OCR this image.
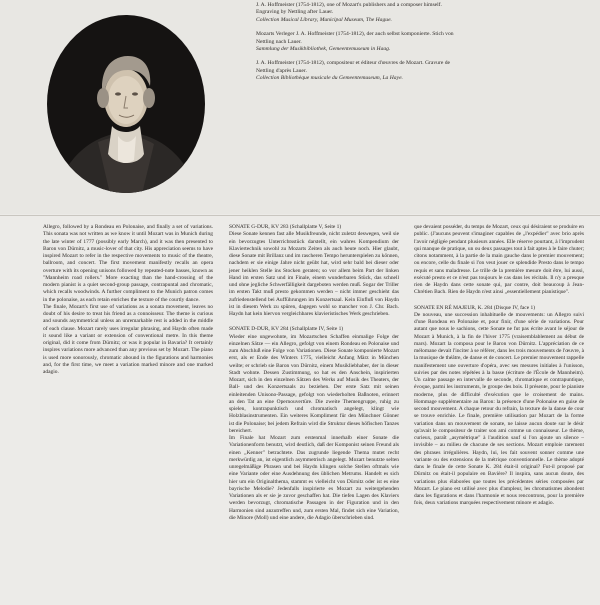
J. A. Hoffmeister (1754-1812), one of Mozart's publishers and a composer himself. Engraving by Nettling after Lauer.
Collection Musical Library, Municipal Museum, The Hague.

Mozarts Verleger J. A. Hoffmeister (1754-1812), der auch selbst komponierte. Stich von Nettling nach Lauer.
Sammlung der Musikbibliothek, Gemeentemuseum in Haag.

J. A. Hoffmeister (1754-1812), compositeur et éditeur d'œuvres de Mozart. Gravure de Nettling d'après Lauer.
Collection Bibliothèque musicale du Gemeentemuseum, La Haye.

Allegro, followed by a Rondeau en Polonaise, and finally a set of variations. This sonata was not written as we know it until Mozart was in Munich during the late winter of 1777 (possibly early March), and it was then presented to Baron von Dürnitz, a music-lover of that city. His appreciation seems to have inspired Mozart to refer in the respective movements to music of the theatre, ballroom, and concert. The first movement manifestly recalls an opera overture with its opening unisons followed by repeated-note basses, known as "Mannheim road rollers." More exacting than the hand-crossing of the modern pianist is a quiet second-group passage, contrapuntal and chromatic, which recalls woodwinds. A further compliment to the Munich patron comes in the polonaise, as each retain enriches the texture of the courtly dance.

The finale, Mozart's first use of variations as a sonata movement, leaves no doubt of his desire to treat his friend as a connoisseur. The theme is curious and sounds asymmetrical unless an unremarkable rest is added in the middle of each clause. Mozart rarely uses irregular phrasing, and Haydn often made it sound like a variant or extension of conventional metre. In this theme original, did it come from Dürnitz; or was it popular in Bavaria? It certainly inspires variations more advanced than any previous set by Mozart. The piano is used more sonorously, chromatic abound in the figurations and harmonies and, for the first time, we meet a variation marked minore and one marked adagio.

SONATE G-DUR, KV 283 (Schallplatte V, Seite 1)

Diese Sonate kennen fast alle Musikfreunde, nicht zuletzt deswegen, weil sie ein bevorzugtes Unterrichtsstück darstellt, ein wahres Kompendium der Klaviertechnik sowohl zu Mozarts Zeiten als auch heute noch. Hier glaubt, diese Sonate mit Brillanz und im rascheren Tempo herunterspielen zu können, nachdem er sie einige Jahre nicht geübt hat, wird sehr bald bei dieser oder jener heiklen Stelle ins Stocken geraten; so vor allem beim Part der linken Hand im ersten Satz und im Finale, einem wunderbaren Stück, das schnell und ohne jegliche Schwerfälligkeit dargeboten werden muß. Sogar der Triller im ersten Takt muß presto gekommen werden – nicht immer geschieht das zufriedenstellend bei Aufführungen im Konzertsaal. Kein Einfluß von Haydn ist in diesem Werk zu spüren, dagegen wohl so mancher von J. Chr. Bach. Haydn hat kein hiervon vergleichbares klavieristisches Werk geschrieben.

SONATE D-DUR, KV 284 (Schallplatte IV, Seite 1)

Wieder eine ungewohnte, im Mozartschen Schaffen einmalige Folge der einzelnen Sätze — ein Allegro, gefolgt von einem Rondeau en Polonaise und zum Abschluß eine Folge von Variationen. Diese Sonate komponierte Mozart erst, als er Ende des Winters 1775, vielleicht Anfang März in München weilte; er schrieb sie Baron von Dürnitz, einem Musikliebhaber, der in dieser Stadt wohnte. Dessen Zustimmung, so hat es den Anschein, inspirierten Mozart, sich in den einzelnen Sätzen des Werks auf Musik des Theaters, der Ball- und des Konzertsaals zu beziehen. Der erste Satz mit seinen einleitenden Unisono-Passage, gefolgt von wiederholten Baßnoten, erinnert an den Tat an eine Opernouvertüre. Die zweite Themengruppe, ruhig zu spielen, kontrapunktisch und chromatisch angelegt, klingt wie Holzblasinstrumenten. Ein weiteres Kompliment für den Münchner Gönner ist die Polonaise; bei jedem Refrain wird die Struktur dieses höfischen Tanzes bereichert.

Im Finale hat Mozart zum erstenmal innerhalb einer Sonate die Variationenform benutzt, wird deutlich, daß der Komponist seinen Freund als einen „Kenner" betrachtete. Das zugrunde liegende Thema mutet recht merkwürdig an, ist eigentlich asymmetrisch angelegt. Mozart benutzte selten unregelmäßige Phrasen und bei Haydn klingen solche Stellen oftmals wie eine Variante oder eine Ausdehnung des üblichen Metrums. Handelt es sich hier um ein Originalthema, stammt es vielleicht von Dürnitz oder ist es eine bayrische Melodie? Jedenfalls inspirierte es Mozart zu weitergehenden Variationen als er sie je zuvor geschaffen hat. Die tiefen Lagen des Klaviers werden bevorzugt, chromatische Passagen in der Figuration und in den Harmonien sind anzutreffen und, zum ersten Mal, findet sich eine Variation, die Minore (Moll) und eine andere, die Adagio überschrieben sind.

que devaient posséder, du temps de Mozart, ceux qui désiraient se produire en public. (J'aucuns peuvent s'imaginer capables de „l'expédier" avec brio après l'avoir négligée pendant plusieurs années. Elle réserve pourtant, à l'imprudent qui manque de pratique, un ou deux passages tout à fait aptes à le faire chuter; citons notamment, à la partie de la main gauche dans le premier mouvement; ou encore, celle du finale si l'on veut jouer ce splendide Presto dans le tempo requis et sans maladresse. Le trille de la première mesure doit être, lui aussi, exécuté presto et ce n'est pas toujours le cas dans les récitals. Il n'y a presque rien de Haydn dans cette sonate qui, par contre, doit beaucoup à Jean-Chrétien Bach. Rien de Haydn n'est ainsi „essentiellement pianistique".

SONATE EN RÉ MAJEUR, K. 284 (Disque IV, face 1)

De nouveau, une succession inhabituelle de mouvements: un Allegro suivi d'une Rondeau en Polonaise et, pour finir, d'une série de variations. Pour autant que nous le sachions, cette Sonate ne fut pas écrite avant le séjour de Mozart à Munich, à la fin de l'hiver 1775 (vraisemblablement au début de mars). Mozart la composa pour le Baron von Dürnitz. L'appréciation de ce mélomane devait l'inciter à se référer, dans les trois mouvements de l'œuvre, à la musique de théâtre, de danse et de concert. Le premier mouvement rappelle manifestement une ouverture d'opéra, avec ses mesures initiales à l'unisson, suivies par des notes répétées à la basse (écriture de l'École de Mannheim). Un calme passage en intervalle de seconde, chromatique et contrapuntique, évoque, parmi les instruments, le groupe des bois. Il présente, pour le pianiste moderne, plus de difficulté d'exécution que le croisement de mains. Hommage supplémentaire au Baron: la présence d'une Polonaise en guise de second mouvement. A chaque retour du refrain, la texture de la danse de cour se trouve enrichie. Le finale, première utilisation par Mozart de la forme variation dans un mouvement de sonate, ne laisse aucun doute sur le désir qu'avait le compositeur de traiter son ami comme un connaisseur. Le thème, curieux, paraît „asymétrique" à l'audition sauf si l'on ajoute un silence – invisible – au milieu de chacune de ses sections. Mozart emploie rarement des phrases irrégulières. Haydn, lui, les fait souvent sonner comme une variante ou des extensions de la métrique conventionnelle. Le thème adopté dans le finale de cette Sonate K. 284 était-il original? Fut-il proposé par Dürnitz ou était-il populaire en Bavière? Il inspira, sans aucun doute, des variations plus élaborées que toutes les précédentes séries composées par Mozart. Le piano est utilisé avec plus d'ampleur, les chromatismes abondent dans les figurations et dans l'harmonie et nous rencontrons, pour la première fois, deux variations marquées respectivement minore et adagio.
